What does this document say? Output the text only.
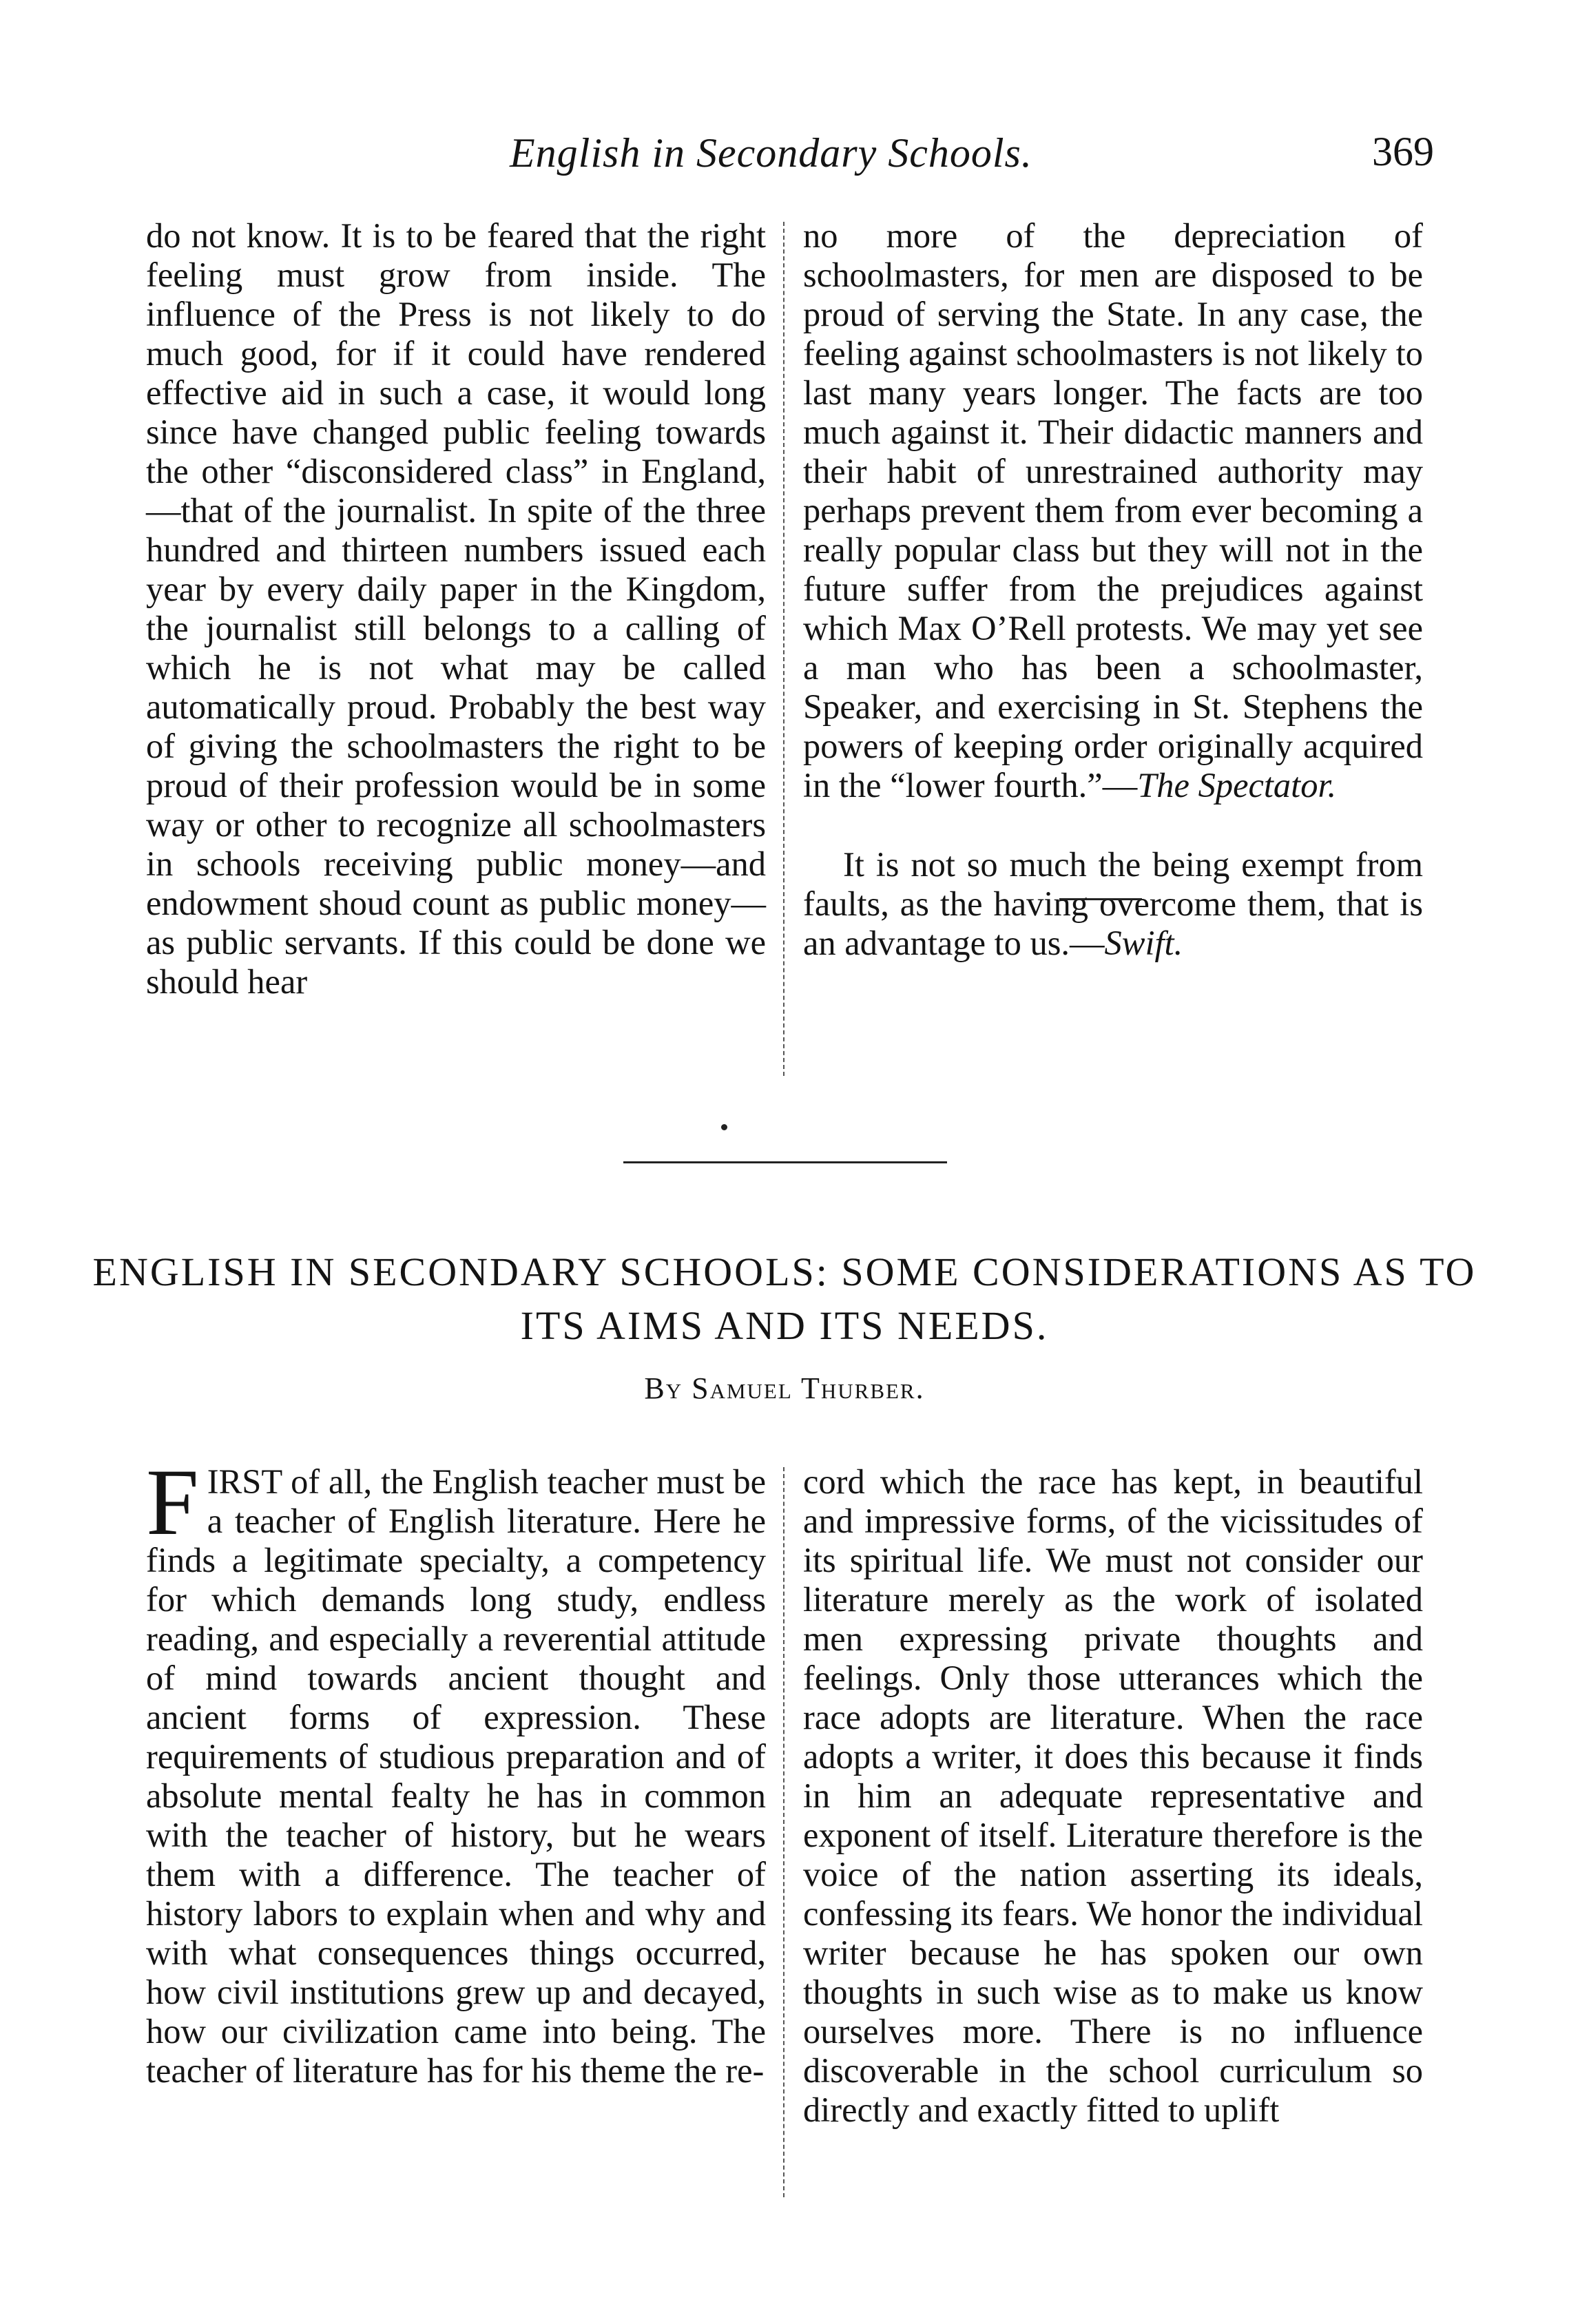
English in Secondary Schools.	369

do not know. It is to be feared that the right feeling must grow from inside. The influence of the Press is not likely to do much good, for if it could have rendered effective aid in such a case, it would long since have changed public feeling towards the other “disconsidered class” in England,—that of the journalist. In spite of the three hundred and thirteen numbers issued each year by every daily paper in the Kingdom, the journalist still belongs to a calling of which he is not what may be called automatically proud. Probably the best way of giving the schoolmasters the right to be proud of their profession would be in some way or other to recognize all schoolmasters in schools receiving public money—and endowment shoud count as public money—as public servants. If this could be done we should hear

no more of the depreciation of schoolmasters, for men are disposed to be proud of serving the State. In any case, the feeling against schoolmasters is not likely to last many years longer. The facts are too much against it. Their didactic manners and their habit of unrestrained authority may perhaps prevent them from ever becoming a really popular class but they will not in the future suffer from the prejudices against which Max O’Rell protests. We may yet see a man who has been a schoolmaster, Speaker, and exercising in St. Stephens the powers of keeping order originally acquired in the “lower fourth.”—The Spectator.

It is not so much the being exempt from faults, as the having overcome them, that is an advantage to us.—Swift.

ENGLISH IN SECONDARY SCHOOLS: SOME CONSIDERATIONS AS TO ITS AIMS AND ITS NEEDS.
By Samuel Thurber.

FIRST of all, the English teacher must be a teacher of English literature. Here he finds a legitimate specialty, a competency for which demands long study, endless reading, and especially a reverential attitude of mind towards ancient thought and ancient forms of expression. These requirements of studious preparation and of absolute mental fealty he has in common with the teacher of history, but he wears them with a difference. The teacher of history labors to explain when and why and with what consequences things occurred, how civil institutions grew up and decayed, how our civilization came into being. The teacher of literature has for his theme the re-

cord which the race has kept, in beautiful and impressive forms, of the vicissitudes of its spiritual life. We must not consider our literature merely as the work of isolated men expressing private thoughts and feelings. Only those utterances which the race adopts are literature. When the race adopts a writer, it does this because it finds in him an adequate representative and exponent of itself. Literature therefore is the voice of the nation asserting its ideals, confessing its fears. We honor the individual writer because he has spoken our own thoughts in such wise as to make us know ourselves more. There is no influence discoverable in the school curriculum so directly and exactly fitted to uplift
